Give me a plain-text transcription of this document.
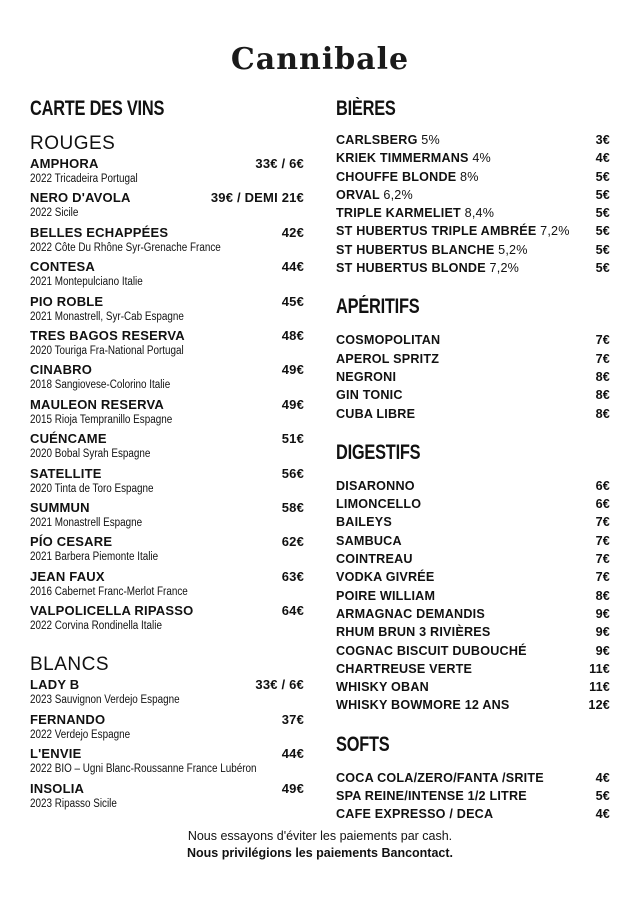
Cannibale
CARTE DES VINS
ROUGES
AMPHORA	33€ / 6€
2022 Tricadeira Portugal
NERO D'AVOLA	39€ / DEMI 21€
2022 Sicile
BELLES ECHAPPÉES	42€
2022 Côte Du Rhône Syr-Grenache France
CONTESA	44€
2021 Montepulciano Italie
PIO ROBLE	45€
2021 Monastrell, Syr-Cab Espagne
TRES BAGOS RESERVA	48€
2020 Touriga Fra-National Portugal
CINABRO	49€
2018 Sangiovese-Colorino Italie
MAULEON RESERVA	49€
2015 Rioja Tempranillo Espagne
CUÉNCAME	51€
2020 Bobal Syrah Espagne
SATELLITE	56€
2020 Tinta de Toro Espagne
SUMMUN	58€
2021 Monastrell Espagne
PÍO CESARE	62€
2021 Barbera Piemonte Italie
JEAN FAUX	63€
2016 Cabernet Franc-Merlot France
VALPOLICELLA RIPASSO	64€
2022 Corvina Rondinella Italie
BLANCS
LADY B	33€ / 6€
2023 Sauvignon Verdejo Espagne
FERNANDO	37€
2022 Verdejo Espagne
L'ENVIE	44€
2022 BIO – Ugni Blanc-Roussanne France Lubéron
INSOLIA	49€
2023 Ripasso Sicile
BIÈRES
CARLSBERG 5%	3€
KRIEK TIMMERMANS 4%	4€
CHOUFFE BLONDE 8%	5€
ORVAL 6,2%	5€
TRIPLE KARMELIET 8,4%	5€
ST HUBERTUS TRIPLE AMBRÉE 7,2% 5€
ST HUBERTUS BLANCHE 5,2%	5€
ST HUBERTUS BLONDE 7,2%	5€
APÉRITIFS
COSMOPOLITAN	7€
APEROL SPRITZ	7€
NEGRONI	8€
GIN TONIC	8€
CUBA LIBRE	8€
DIGESTIFS
DISARONNO	6€
LIMONCELLO	6€
BAILEYS	7€
SAMBUCA	7€
COINTREAU	7€
VODKA GIVRÉE	7€
POIRE WILLIAM	8€
ARMAGNAC DEMANDIS	9€
RHUM BRUN 3 RIVIÈRES	9€
COGNAC BISCUIT DUBOUCHÉ	9€
CHARTREUSE VERTE	11€
WHISKY OBAN	11€
WHISKY BOWMORE 12 ANS	12€
SOFTS
COCA COLA/ZERO/FANTA /SRITE	4€
SPA REINE/INTENSE 1/2 LITRE	5€
CAFE EXPRESSO / DECA	4€
Nous essayons d'éviter les paiements par cash.
Nous privilégions les paiements Bancontact.
